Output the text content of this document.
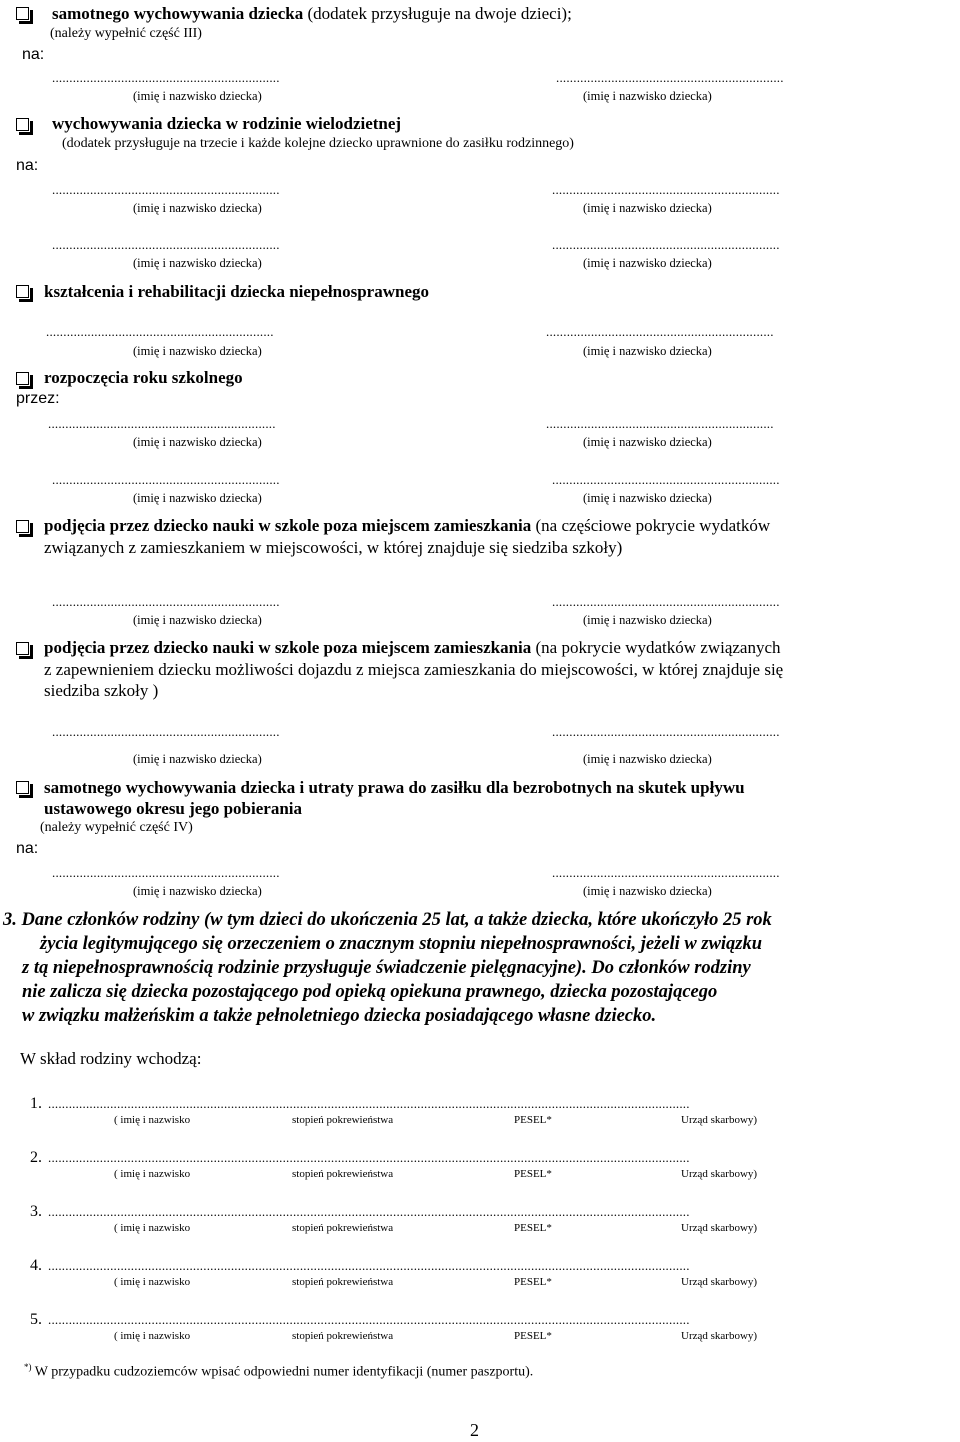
samotnego wychowywania dziecka (dodatek przysługuje na dwoje dzieci);
(należy wypełnić część III)
na:
..................................................................	..................................................................
(imię i nazwisko dziecka)	(imię i nazwisko dziecka)
wychowywania dziecka w rodzinie wielodzietnej
(dodatek przysługuje na trzecie i każde kolejne dziecko uprawnione do zasiłku rodzinnego)
na:
..................................................................	..................................................................
(imię i nazwisko dziecka)	(imię i nazwisko dziecka)
..................................................................	..................................................................
(imię i nazwisko dziecka)	(imię i nazwisko dziecka)
kształcenia i rehabilitacji dziecka niepełnosprawnego
..................................................................	..................................................................
(imię i nazwisko dziecka)	(imię i nazwisko dziecka)
rozpoczęcia roku szkolnego
przez:
..................................................................	..................................................................
(imię i nazwisko dziecka)	(imię i nazwisko dziecka)
..................................................................	..................................................................
(imię i nazwisko dziecka)	(imię i nazwisko dziecka)
podjęcia przez dziecko nauki w szkole poza miejscem zamieszkania (na częściowe pokrycie wydatków
związanych z zamieszkaniem w miejscowości, w której znajduje się siedziba szkoły)
..................................................................	..................................................................
(imię i nazwisko dziecka)	(imię i nazwisko dziecka)
podjęcia przez dziecko nauki w szkole poza miejscem zamieszkania (na pokrycie wydatków związanych
z zapewnieniem dziecku możliwości dojazdu z miejsca zamieszkania do miejscowości, w której znajduje się
siedziba szkoły )
..................................................................	..................................................................
(imię i nazwisko dziecka)	(imię i nazwisko dziecka)
samotnego wychowywania dziecka i utraty prawa do zasiłku dla bezrobotnych na skutek upływu
ustawowego okresu jego pobierania
(należy wypełnić część IV)
na:
..................................................................	..................................................................
(imię i nazwisko dziecka)	(imię i nazwisko dziecka)
3. Dane członków rodziny (w tym dzieci do ukończenia 25 lat, a także dziecka, które ukończyło 25 rok
życia legitymującego się orzeczeniem o znacznym stopniu niepełnosprawności, jeżeli w związku
z tą niepełnosprawnością rodzinie przysługuje świadczenie pielęgnacyjne). Do członków rodziny
nie zalicza się dziecka pozostającego pod opieką opiekuna prawnego, dziecka pozostającego
w związku małżeńskim a także pełnoletniego dziecka posiadającego własne dziecko.
W skład rodziny wchodzą:
1. ..........................................................................................................................................................................................
( imię i nazwisko	stopień pokrewieństwa	PESEL*	Urząd skarbowy)
2. ..........................................................................................................................................................................................
( imię i nazwisko	stopień pokrewieństwa	PESEL*	Urząd skarbowy)
3. ..........................................................................................................................................................................................
( imię i nazwisko	stopień pokrewieństwa	PESEL*	Urząd skarbowy)
4. ..........................................................................................................................................................................................
( imię i nazwisko	stopień pokrewieństwa	PESEL*	Urząd skarbowy)
5. ..........................................................................................................................................................................................
( imię i nazwisko	stopień pokrewieństwa	PESEL*	Urząd skarbowy)
*) W przypadku cudzoziemców wpisać odpowiedni numer identyfikacji (numer paszportu).
2
